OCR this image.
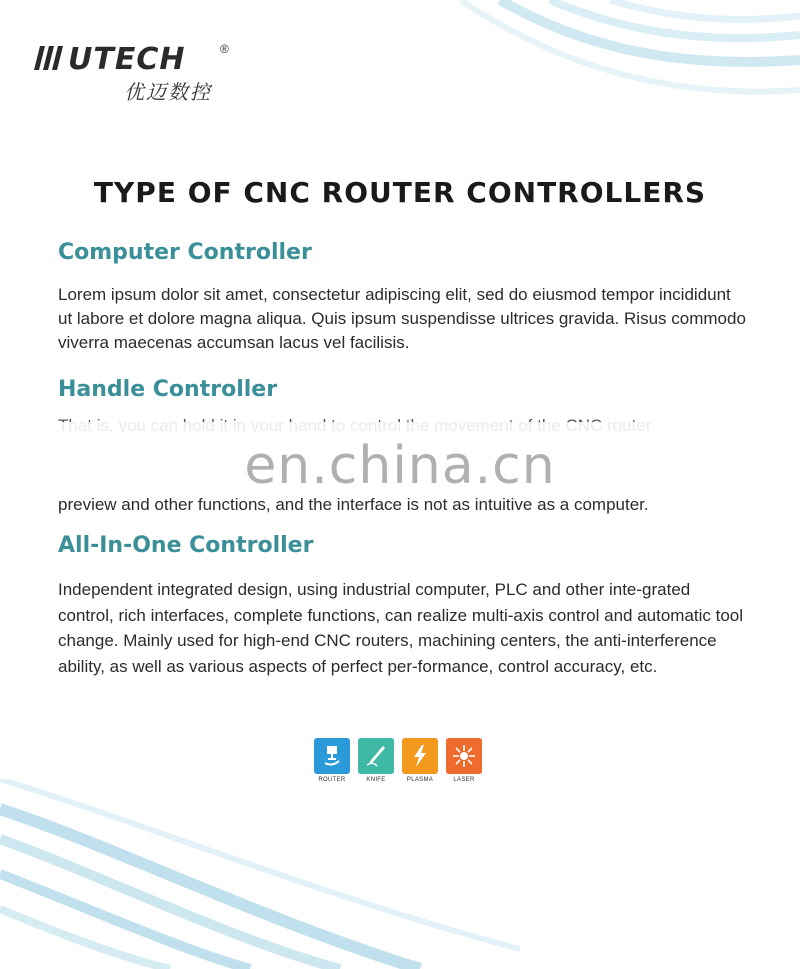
UTECH	®
优迈数控
TYPE OF CNC ROUTER CONTROLLERS
Computer Controller
Lorem ipsum dolor sit amet, consectetur adipiscing elit, sed do eiusmod tempor incididunt ut labore et dolore magna aliqua. Quis ipsum suspendisse ultrices gravida. Risus commodo viverra maecenas accumsan lacus vel facilisis.
Handle Controller
en.china.cn
preview and other functions, and the interface is not as intuitive as a computer.
All-In-One Controller
Independent integrated design, using industrial computer, PLC and other inte-grated control, rich interfaces, complete functions, can realize multi-axis control and automatic tool change. Mainly used for high-end CNC routers, machining centers, the anti-interference ability, as well as various aspects of perfect per-formance, control accuracy, etc.
ROUTER	KNIFE	PLASMA	LASER
